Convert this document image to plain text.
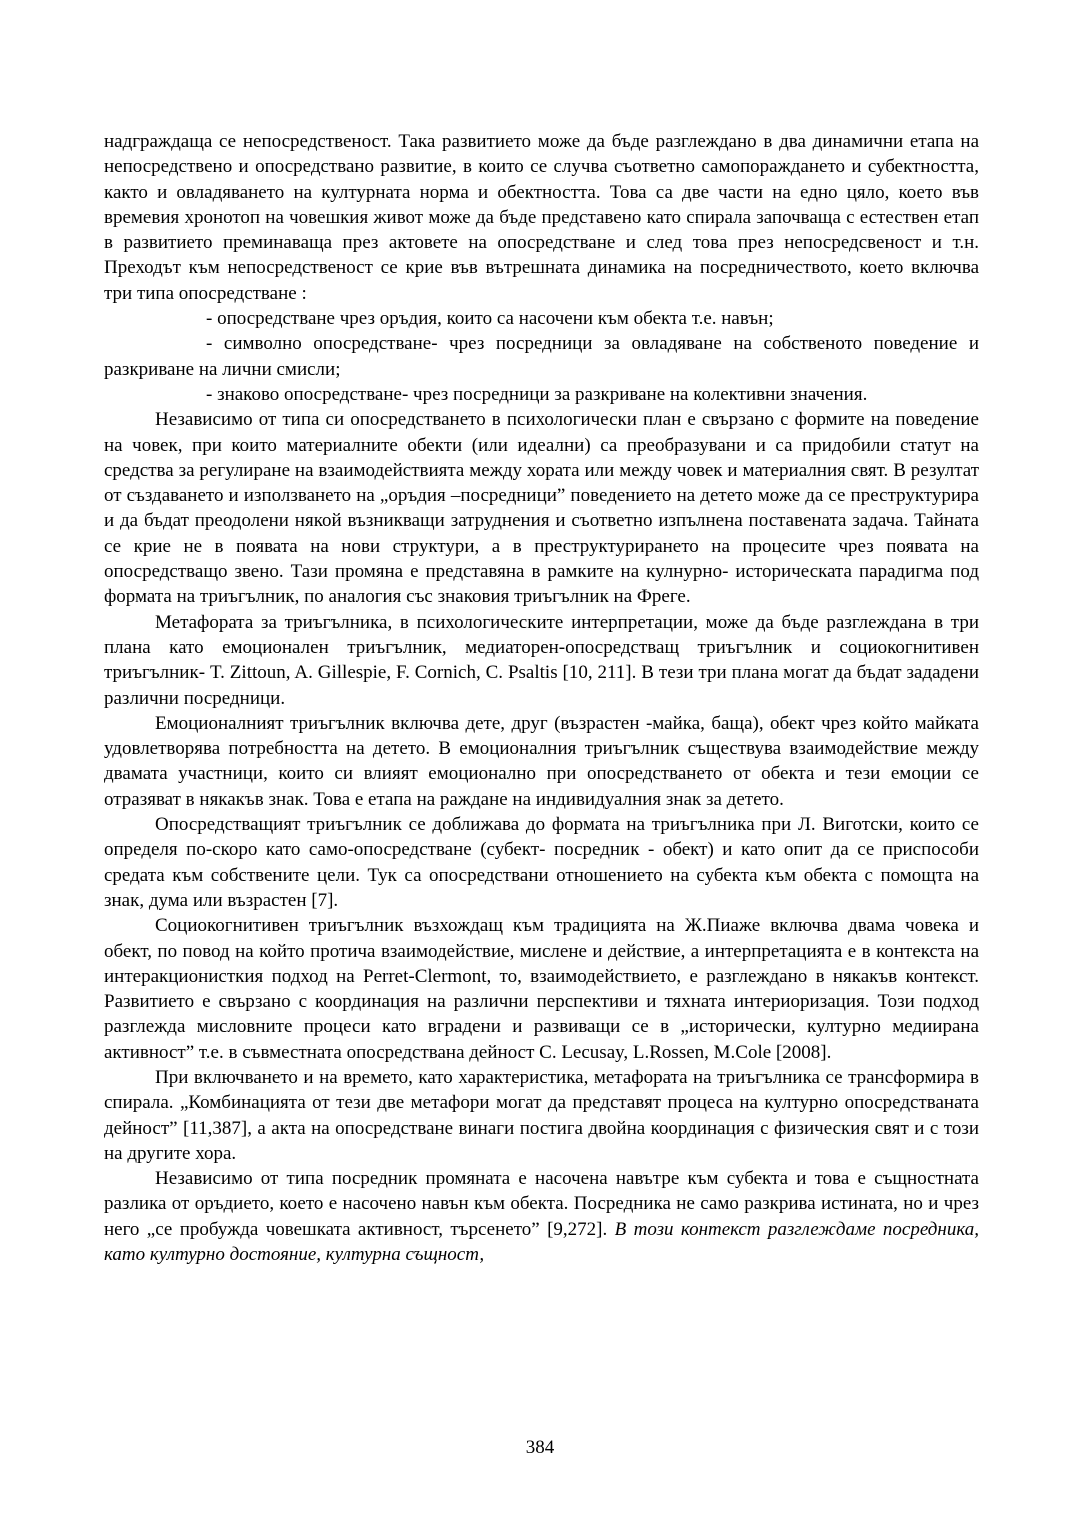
надграждаща се непосредственост. Така развитието може да бъде разглеждано в два динамични етапа на непосредствено и опосредствано развитие, в които се случва съответно самопораждането и субектността, както и овладяването на културната норма и обектността. Това са две части на едно цяло, което във времевия хронотоп на човешкия живот може да бъде представено като спирала започваща с естествен етап в развитието преминаваща през актовете на опосредстване и след това през непосредсвеност и т.н. Преходът към непосредственост се крие във вътрешната динамика на посредничеството, което включва три типа опосредстване :

- опосредстване чрез оръдия, които са насочени към обекта т.е. навън;

- символно опосредстване- чрез посредници за овладяване на собственото поведение и разкриване на лични смисли;

- знаково опосредстване- чрез посредници за разкриване на колективни значения.

Независимо от типа си опосредстването в психологически план е свързано с формите на поведение на човек, при които материалните обекти (или идеални) са преобразувани и са придобили статут на средства за регулиране на взаимодействията между хората или между човек и материалния свят. В резултат от създаването и използването на „оръдия –посредници” поведението на детето може да се преструктурира и да бъдат преодолени някой възникващи затруднения и съответно изпълнена поставената задача. Тайната се крие не в появата на нови структури, а в преструктурирането на процесите чрез появата на опосредстващо звено. Тази промяна е представяна в рамките на кулнурно- историческата парадигма под формата на триъгълник, по аналогия със знаковия триъгълник на Фреге.

Метафората за триъгълника, в психологическите интерпретации, може да бъде разглеждана в три плана като емоционален триъгълник, медиаторен-опосредстващ триъгълник и социокогнитивен триъгълник- T. Zittoun, A. Gillespie, F. Cornich, C. Psaltis [10, 211]. В тези три плана могат да бъдат зададени различни посредници.

Емоционалният триъгълник включва дете, друг (възрастен -майка, баща), обект чрез който майката удовлетворява потребността на детето. В емоционалния триъгълник съществува взаимодействие между двамата участници, които си влияят емоционално при опосредстването от обекта и тези емоции се отразяват в някакъв знак. Това е етапа на раждане на индивидуалния знак за детето.

Опосредстващият триъгълник се доближава до формата на триъгълника при Л. Виготски, които се определя по-скоро като само-опосредстване (субект- посредник - обект) и като опит да се приспособи средата към собствените цели. Тук са опосредствани отношението на субекта към обекта с помощта на знак, дума или възрастен [7].

Социокогнитивен триъгълник възхождащ към традицията на Ж.Пиаже включва двама човека и обект, по повод на който протича взаимодействие, мислене и действие, а интерпретацията е в контекста на интеракционисткия подход на Perret-Clermont, то, взаимодействието, е разглеждано в някакъв контекст. Развитието е свързано с координация на различни перспективи и тяхната интериоризация. Този подход разглежда мисловните процеси като вградени и развиващи се в „исторически, културно медиирана активност” т.е. в съвместната опосредствана дейност C. Lecusay, L.Rossen, M.Cole [2008].

При включването и на времето, като характеристика, метафората на триъгълника се трансформира в спирала. „Комбинацията от тези две метафори могат да представят процеса на културно опосредстваната дейност” [11,387], а акта на опосредстване винаги постига двойна координация с физическия свят и с този на другите хора.

Независимо от типа посредник промяната е насочена навътре към субекта и това е същностната разлика от оръдието, което е насочено навън към обекта. Посредника не само разкрива истината, но и чрез него „се пробужда човешката активност, търсенето” [9,272]. В този контекст разглеждаме посредника, като културно достояние, културна същност,

384
